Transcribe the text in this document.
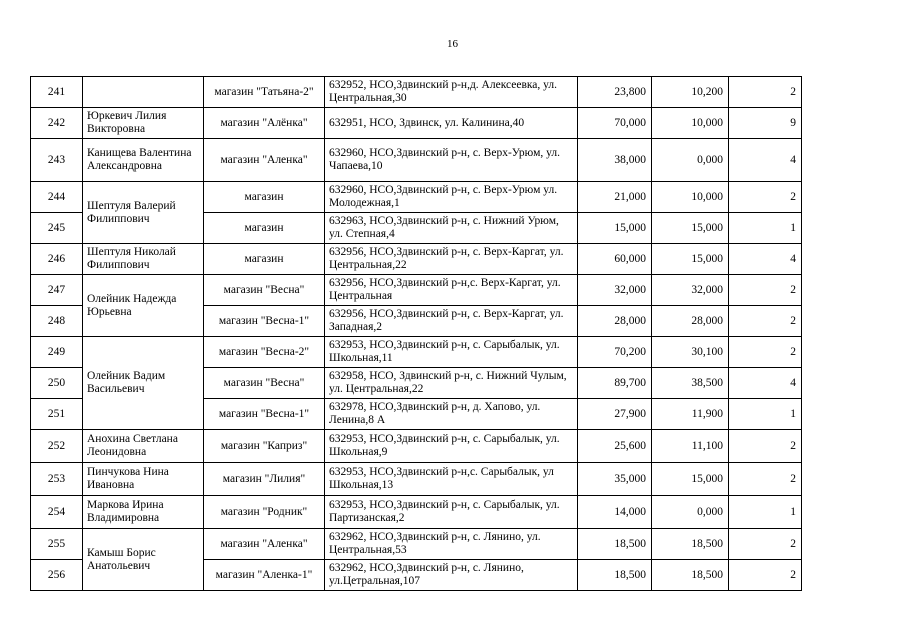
16
241		магазин "Татьяна-2"	632952, НСО,Здвинский р-н,д. Алексеевка, ул. Центральная,30	23,800	10,200	2
242	Юркевич Лилия Викторовна	магазин "Алёнка"	632951, НСО, Здвинск, ул. Калинина,40	70,000	10,000	9
243	Канищева Валентина Александровна	магазин "Аленка"	632960, НСО,Здвинский р-н, с. Верх-Урюм, ул. Чапаева,10	38,000	0,000	4
244	Шептуля Валерий Филиппович	магазин	632960, НСО,Здвинский р-н, с. Верх-Урюм ул. Молодежная,1	21,000	10,000	2
245		магазин	632963, НСО,Здвинский р-н, с. Нижний Урюм, ул. Степная,4	15,000	15,000	1
246	Шептуля Николай Филиппович	магазин	632956, НСО,Здвинский р-н, с. Верх-Каргат, ул. Центральная,22	60,000	15,000	4
247	Олейник Надежда Юрьевна	магазин "Весна"	632956, НСО,Здвинский р-н,с. Верх-Каргат, ул. Центральная	32,000	32,000	2
248		магазин "Весна-1"	632956, НСО,Здвинский р-н, с. Верх-Каргат, ул. Западная,2	28,000	28,000	2
249	Олейник Вадим Васильевич	магазин "Весна-2"	632953, НСО,Здвинский р-н, с. Сарыбалык, ул. Школьная,11	70,200	30,100	2
250		магазин "Весна"	632958, НСО, Здвинский р-н, с. Нижний Чулым, ул. Центральная,22	89,700	38,500	4
251		магазин "Весна-1"	632978, НСО,Здвинский р-н, д. Хапово, ул. Ленина,8 А	27,900	11,900	1
252	Анохина Светлана Леонидовна	магазин "Каприз"	632953, НСО,Здвинский р-н, с. Сарыбалык, ул. Школьная,9	25,600	11,100	2
253	Пинчукова Нина Ивановна	магазин "Лилия"	632953, НСО,Здвинский р-н,с. Сарыбалык, ул Школьная,13	35,000	15,000	2
254	Маркова Ирина Владимировна	магазин "Родник"	632953, НСО,Здвинский р-н, с. Сарыбалык, ул. Партизанская,2	14,000	0,000	1
255	Камыш Борис Анатольевич	магазин "Аленка"	632962, НСО,Здвинский р-н, с. Лянино, ул. Центральная,53	18,500	18,500	2
256		магазин "Аленка-1"	632962, НСО,Здвинский р-н, с. Лянино, ул.Цетральная,107	18,500	18,500	2
